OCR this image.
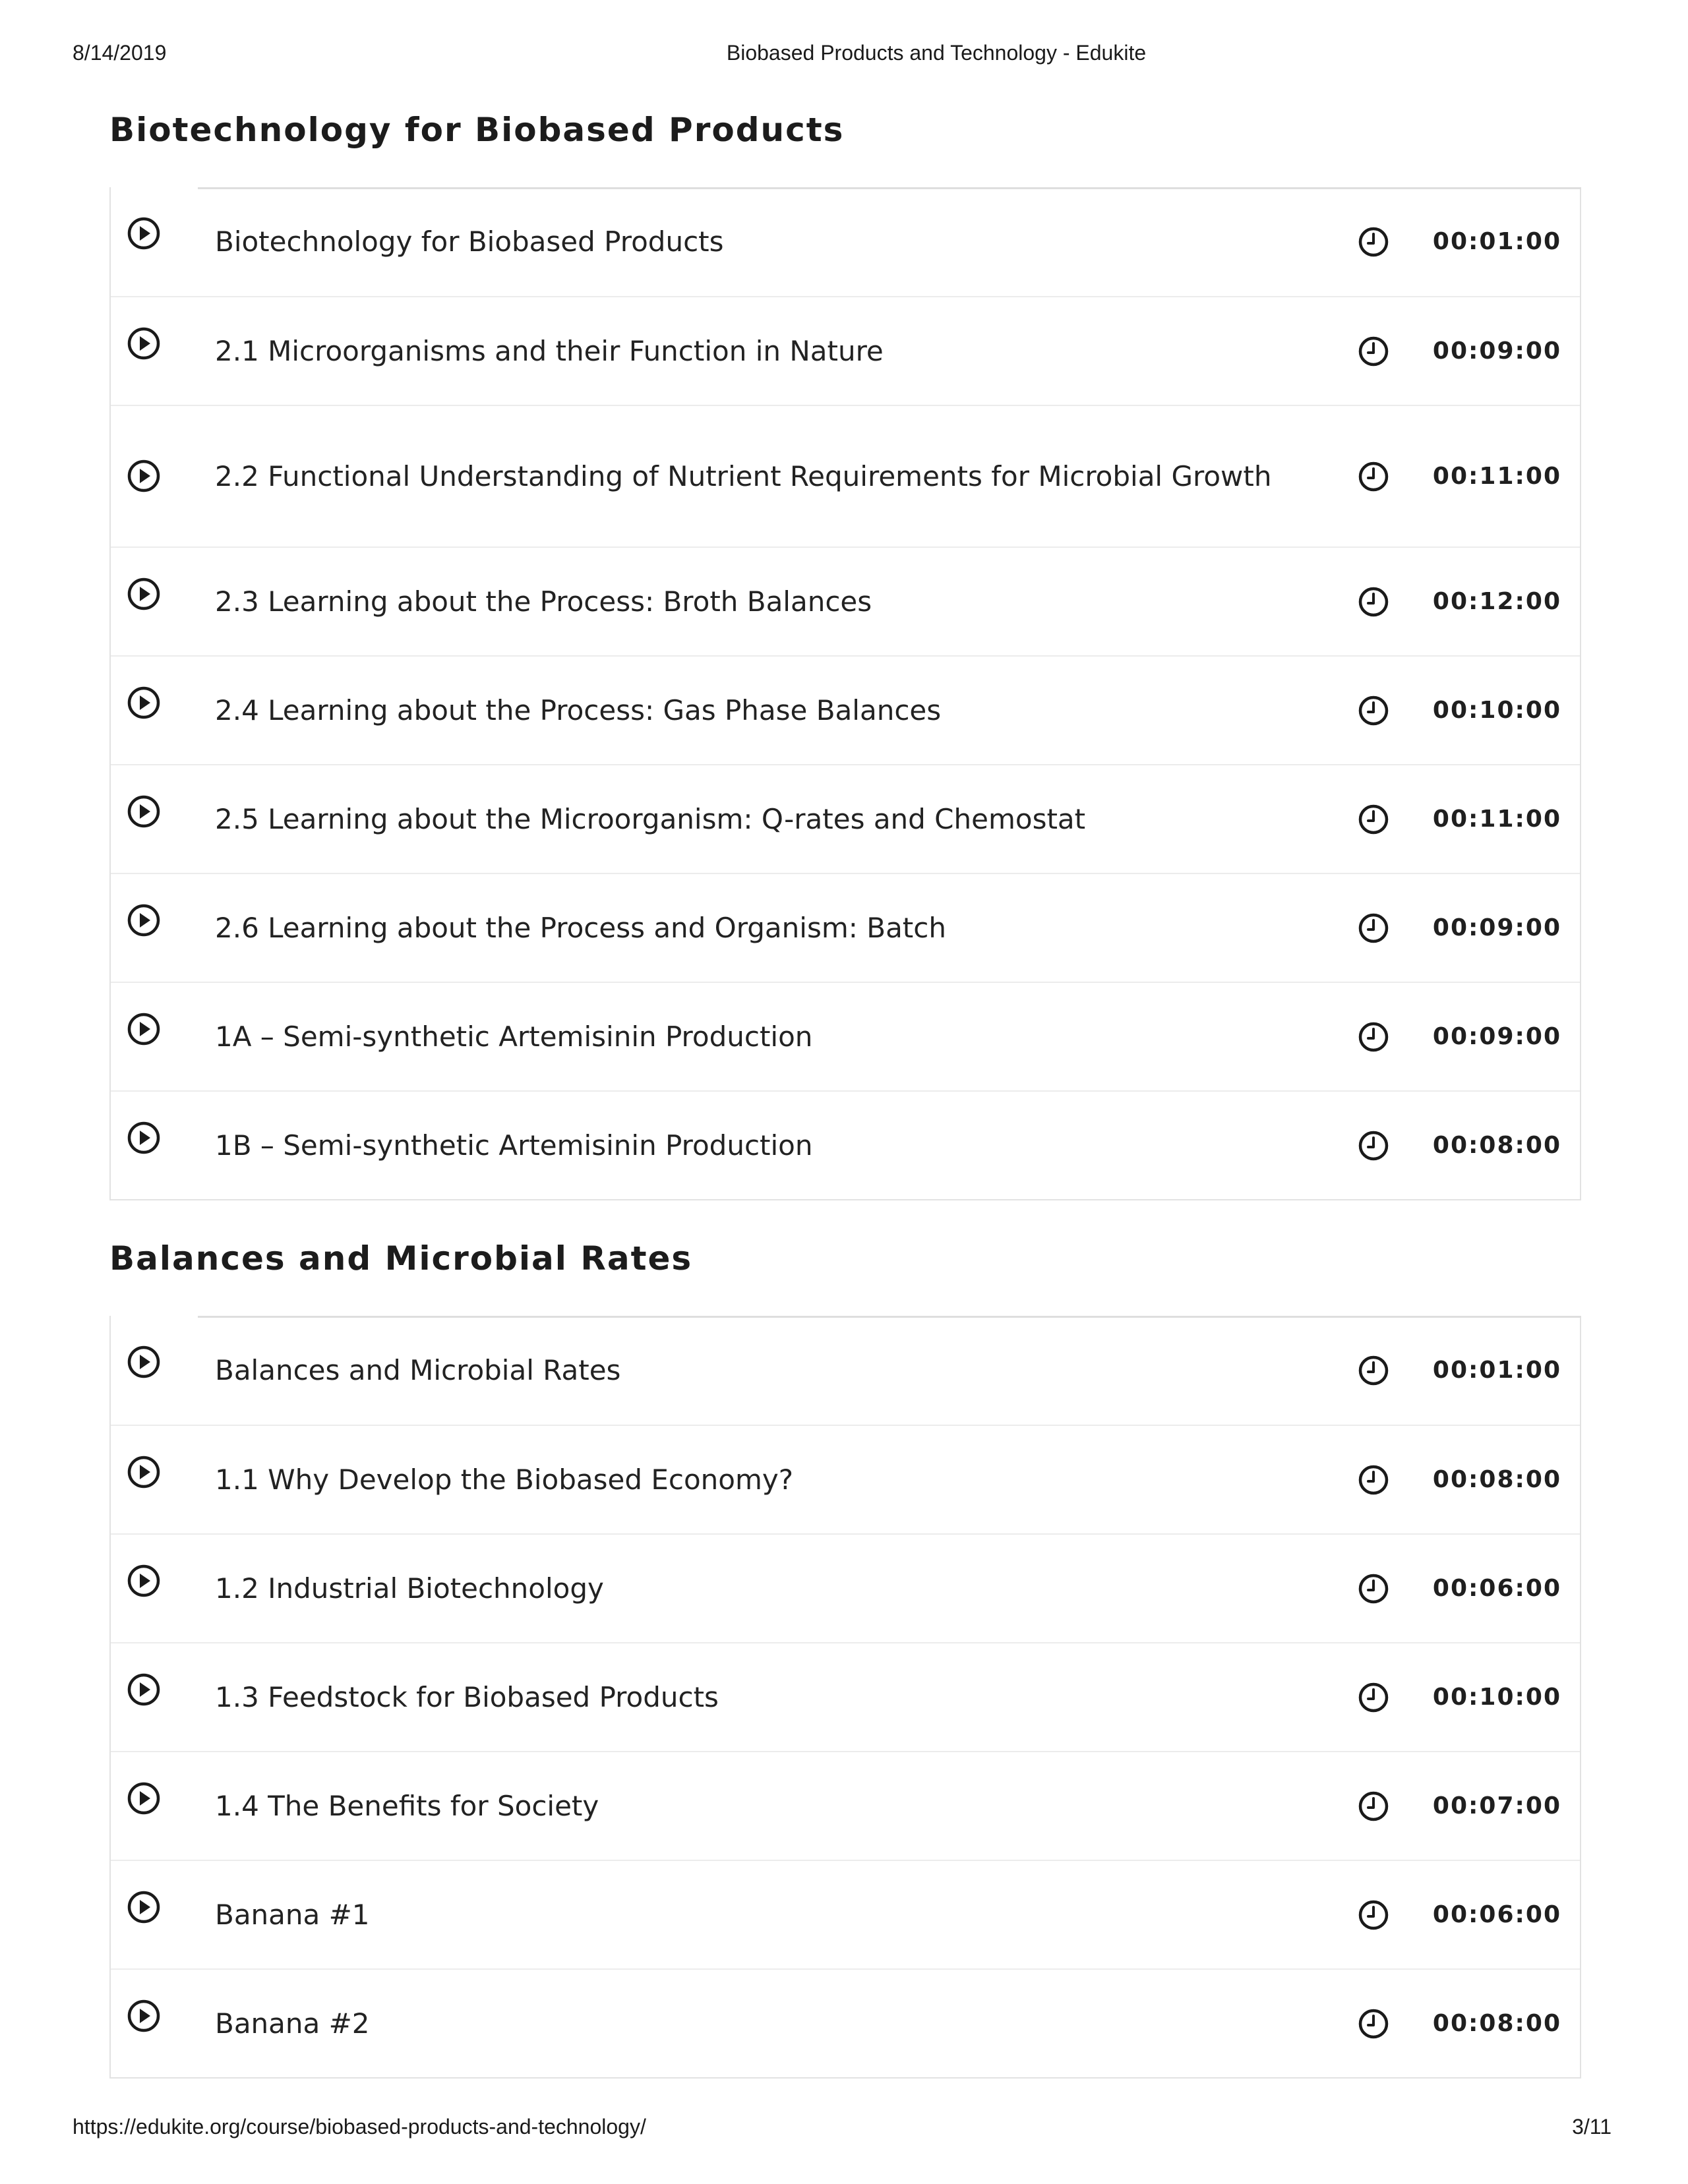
8/14/2019	Biobased Products and Technology - Edukite
Biotechnology for Biobased Products
Biotechnology for Biobased Products	00:01:00
2.1 Microorganisms and their Function in Nature	00:09:00
2.2 Functional Understanding of Nutrient Requirements for Microbial Growth	00:11:00
2.3 Learning about the Process: Broth Balances	00:12:00
2.4 Learning about the Process: Gas Phase Balances	00:10:00
2.5 Learning about the Microorganism: Q-rates and Chemostat	00:11:00
2.6 Learning about the Process and Organism: Batch	00:09:00
1A – Semi-synthetic Artemisinin Production	00:09:00
1B – Semi-synthetic Artemisinin Production	00:08:00
Balances and Microbial Rates
Balances and Microbial Rates	00:01:00
1.1 Why Develop the Biobased Economy?	00:08:00
1.2 Industrial Biotechnology	00:06:00
1.3 Feedstock for Biobased Products	00:10:00
1.4 The Benefits for Society	00:07:00
Banana #1	00:06:00
Banana #2	00:08:00
https://edukite.org/course/biobased-products-and-technology/	3/11
